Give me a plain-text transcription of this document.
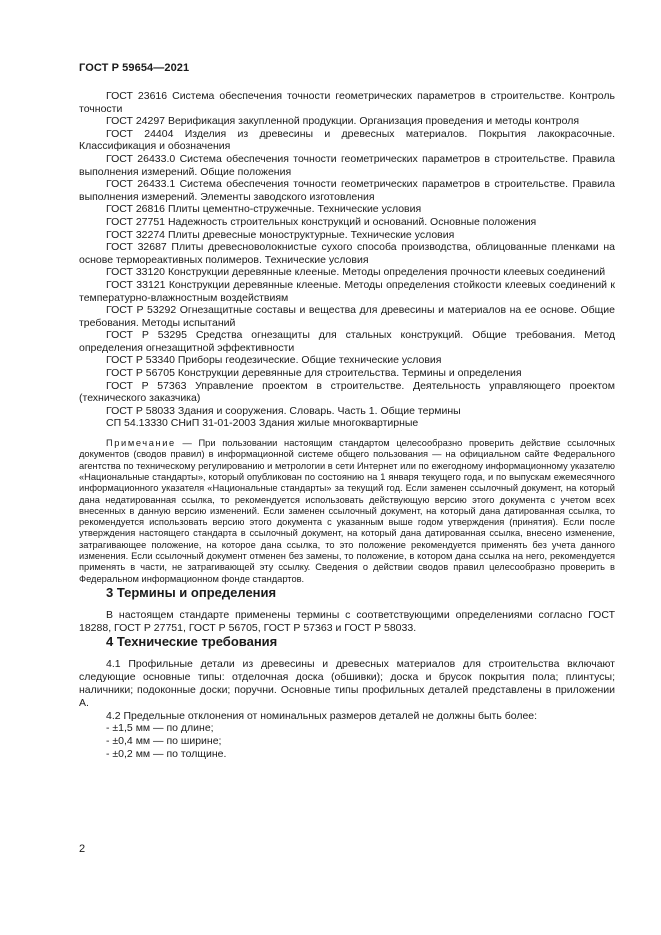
ГОСТ Р 59654—2021

ГОСТ 23616 Система обеспечения точности геометрических параметров в строительстве. Контроль точности

ГОСТ 24297 Верификация закупленной продукции. Организация проведения и методы контроля

ГОСТ 24404 Изделия из древесины и древесных материалов. Покрытия лакокрасочные. Классификация и обозначения

ГОСТ 26433.0 Система обеспечения точности геометрических параметров в строительстве. Правила выполнения измерений. Общие положения

ГОСТ 26433.1 Система обеспечения точности геометрических параметров в строительстве. Правила выполнения измерений. Элементы заводского изготовления

ГОСТ 26816 Плиты цементно-стружечные. Технические условия

ГОСТ 27751 Надежность строительных конструкций и оснований. Основные положения

ГОСТ 32274 Плиты древесные моноструктурные. Технические условия

ГОСТ 32687 Плиты древесноволокнистые сухого способа производства, облицованные пленками на основе термореактивных полимеров. Технические условия

ГОСТ 33120 Конструкции деревянные клееные. Методы определения прочности клеевых соединений

ГОСТ 33121 Конструкции деревянные клееные. Методы определения стойкости клеевых соединений к температурно-влажностным воздействиям

ГОСТ Р 53292 Огнезащитные составы и вещества для древесины и материалов на ее основе. Общие требования. Методы испытаний

ГОСТ Р 53295 Средства огнезащиты для стальных конструкций. Общие требования. Метод определения огнезащитной эффективности

ГОСТ Р 53340 Приборы геодезические. Общие технические условия

ГОСТ Р 56705 Конструкции деревянные для строительства. Термины и определения

ГОСТ Р 57363 Управление проектом в строительстве. Деятельность управляющего проектом (технического заказчика)

ГОСТ Р 58033 Здания и сооружения. Словарь. Часть 1. Общие термины

СП 54.13330 СНиП 31-01-2003 Здания жилые многоквартирные

Примечание — При пользовании настоящим стандартом целесообразно проверить действие ссылочных документов (сводов правил) в информационной системе общего пользования — на официальном сайте Федерального агентства по техническому регулированию и метрологии в сети Интернет или по ежегодному информационному указателю «Национальные стандарты», который опубликован по состоянию на 1 января текущего года, и по выпускам ежемесячного информационного указателя «Национальные стандарты» за текущий год. Если заменен ссылочный документ, на который дана недатированная ссылка, то рекомендуется использовать действующую версию этого документа с учетом всех внесенных в данную версию изменений. Если заменен ссылочный документ, на который дана датированная ссылка, то рекомендуется использовать версию этого документа с указанным выше годом утверждения (принятия). Если после утверждения настоящего стандарта в ссылочный документ, на который дана датированная ссылка, внесено изменение, затрагивающее положение, на которое дана ссылка, то это положение рекомендуется применять без учета данного изменения. Если ссылочный документ отменен без замены, то положение, в котором дана ссылка на него, рекомендуется применять в части, не затрагивающей эту ссылку. Сведения о действии сводов правил целесообразно проверить в Федеральном информационном фонде стандартов.

3 Термины и определения

В настоящем стандарте применены термины с соответствующими определениями согласно ГОСТ 18288, ГОСТ Р 27751, ГОСТ Р 56705, ГОСТ Р 57363 и ГОСТ Р 58033.

4 Технические требования

4.1 Профильные детали из древесины и древесных материалов для строительства включают следующие основные типы: отделочная доска (обшивки); доска и брусок покрытия пола; плинтусы; наличники; подоконные доски; поручни. Основные типы профильных деталей представлены в приложении А.

4.2 Предельные отклонения от номинальных размеров деталей не должны быть более:

- ±1,5 мм — по длине;

- ±0,4 мм — по ширине;

- ±0,2 мм — по толщине.

2
